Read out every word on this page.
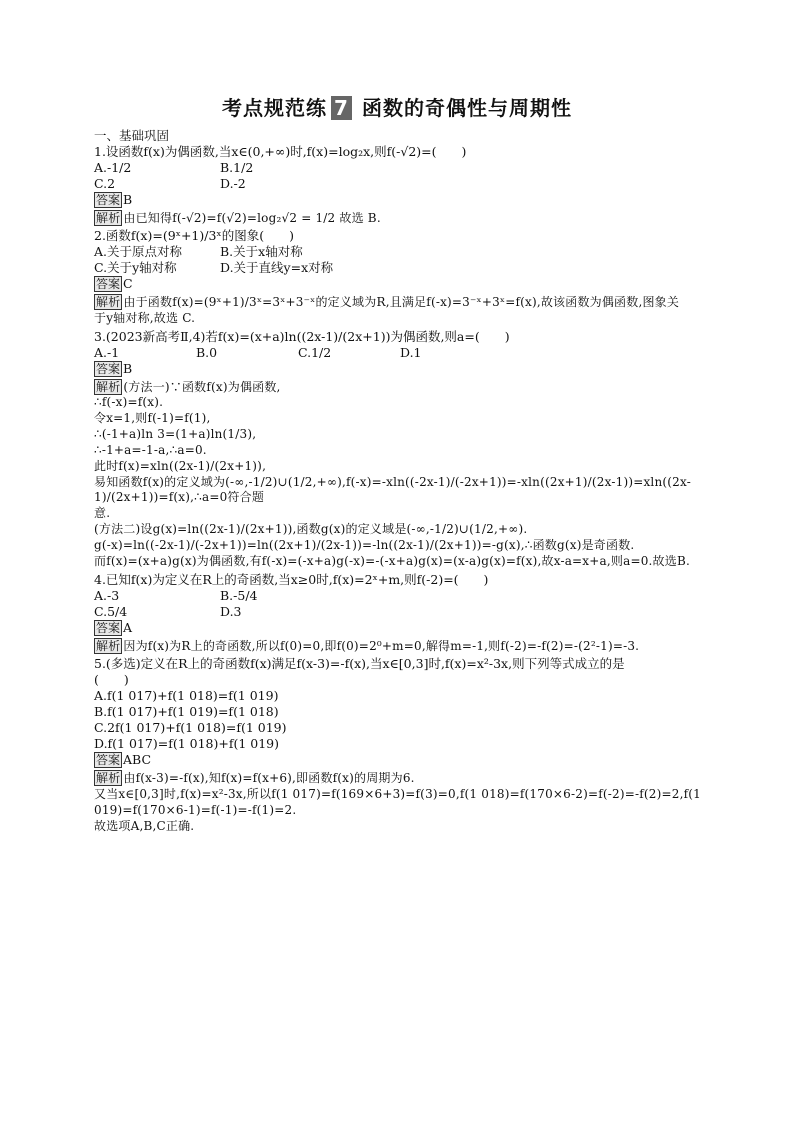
考点规范练 7 函数的奇偶性与周期性
一、基础巩固
1.设函数f(x)为偶函数,当x∈(0,+∞)时,f(x)=log₂x,则f(-√2)=(　　)
A.-1/2	B.1/2
C.2	D.-2
答案 B
解析 由已知得f(-√2)=f(√2)=log₂√2 = 1/2 故选 B.
2.函数f(x)=(9ˣ+1)/3ˣ的图象(　　)
A.关于原点对称	B.关于x轴对称
C.关于y轴对称	D.关于直线y=x对称
答案 C
解析 由于函数f(x)=(9ˣ+1)/3ˣ=3ˣ+3⁻ˣ的定义域为R,且满足f(-x)=3⁻ˣ+3ˣ=f(x),故该函数为偶函数,图象关
于y轴对称,故选 C.
3.(2023新高考Ⅱ,4)若f(x)=(x+a)ln((2x-1)/(2x+1))为偶函数,则a=(　　)
A.-1	B.0	C.1/2	D.1
答案 B
解析 (方法一)∵函数f(x)为偶函数,
∴f(-x)=f(x).
令x=1,则f(-1)=f(1),
∴(-1+a)ln 3=(1+a)ln(1/3),
∴-1+a=-1-a,∴a=0.
此时f(x)=xln((2x-1)/(2x+1)),
易知函数f(x)的定义域为(-∞,-1/2)∪(1/2,+∞),f(-x)=-xln((-2x-1)/(-2x+1))=-xln((2x+1)/(2x-1))=xln((2x-1)/(2x+1))=f(x),∴a=0符合题
意.
(方法二)设g(x)=ln((2x-1)/(2x+1)),函数g(x)的定义域是(-∞,-1/2)∪(1/2,+∞).
g(-x)=ln((-2x-1)/(-2x+1))=ln((2x+1)/(2x-1))=-ln((2x-1)/(2x+1))=-g(x),∴函数g(x)是奇函数.
而f(x)=(x+a)g(x)为偶函数,有f(-x)=(-x+a)g(-x)=-(-x+a)g(x)=(x-a)g(x)=f(x),故x-a=x+a,则a=0.故选B.
4.已知f(x)为定义在R上的奇函数,当x≥0时,f(x)=2ˣ+m,则f(-2)=(　　)
A.-3	B.-5/4
C.5/4	D.3
答案 A
解析 因为f(x)为R上的奇函数,所以f(0)=0,即f(0)=2⁰+m=0,解得m=-1,则f(-2)=-f(2)=-(2²-1)=-3.
5.(多选)定义在R上的奇函数f(x)满足f(x-3)=-f(x),当x∈[0,3]时,f(x)=x²-3x,则下列等式成立的是
(　　)
A.f(1 017)+f(1 018)=f(1 019)
B.f(1 017)+f(1 019)=f(1 018)
C.2f(1 017)+f(1 018)=f(1 019)
D.f(1 017)=f(1 018)+f(1 019)
答案 ABC
解析 由f(x-3)=-f(x),知f(x)=f(x+6),即函数f(x)的周期为6.
又当x∈[0,3]时,f(x)=x²-3x,所以f(1 017)=f(169×6+3)=f(3)=0,f(1 018)=f(170×6-2)=f(-2)=-f(2)=2,f(1
019)=f(170×6-1)=f(-1)=-f(1)=2.
故选项A,B,C正确.
